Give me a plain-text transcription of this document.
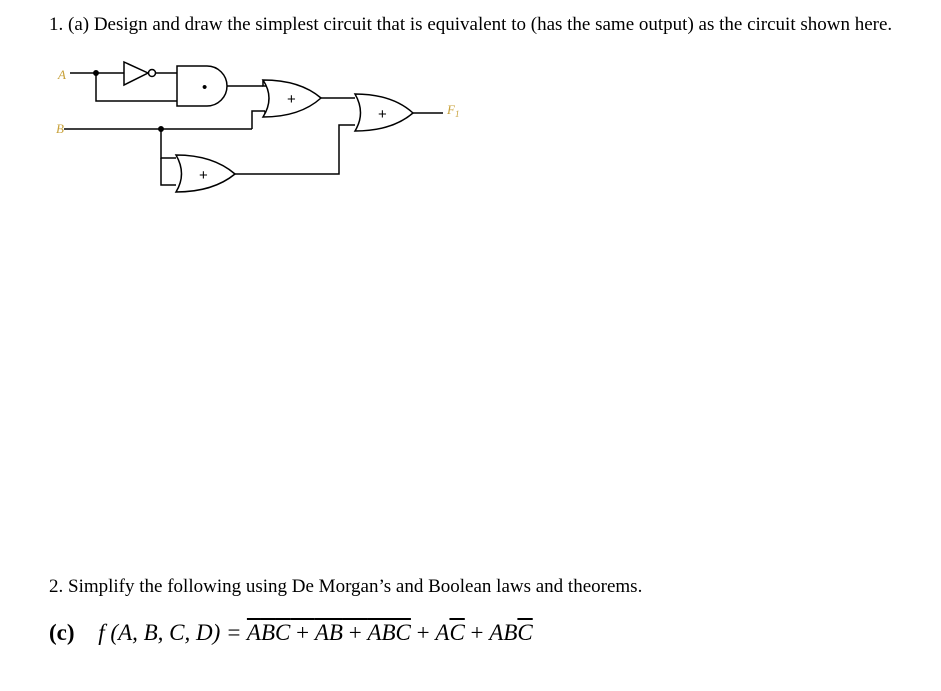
1. (a) Design and draw the simplest circuit that is equivalent to (has the same output) as the circuit shown here.
A
B
$F_1$
•
+
+
+
2. Simplify the following using De Morgan’s and Boolean laws and theorems.
(c) f (A, B, C, D) = ABC + AB + ABC + $A\overline{C} + AB\overline{C}$
